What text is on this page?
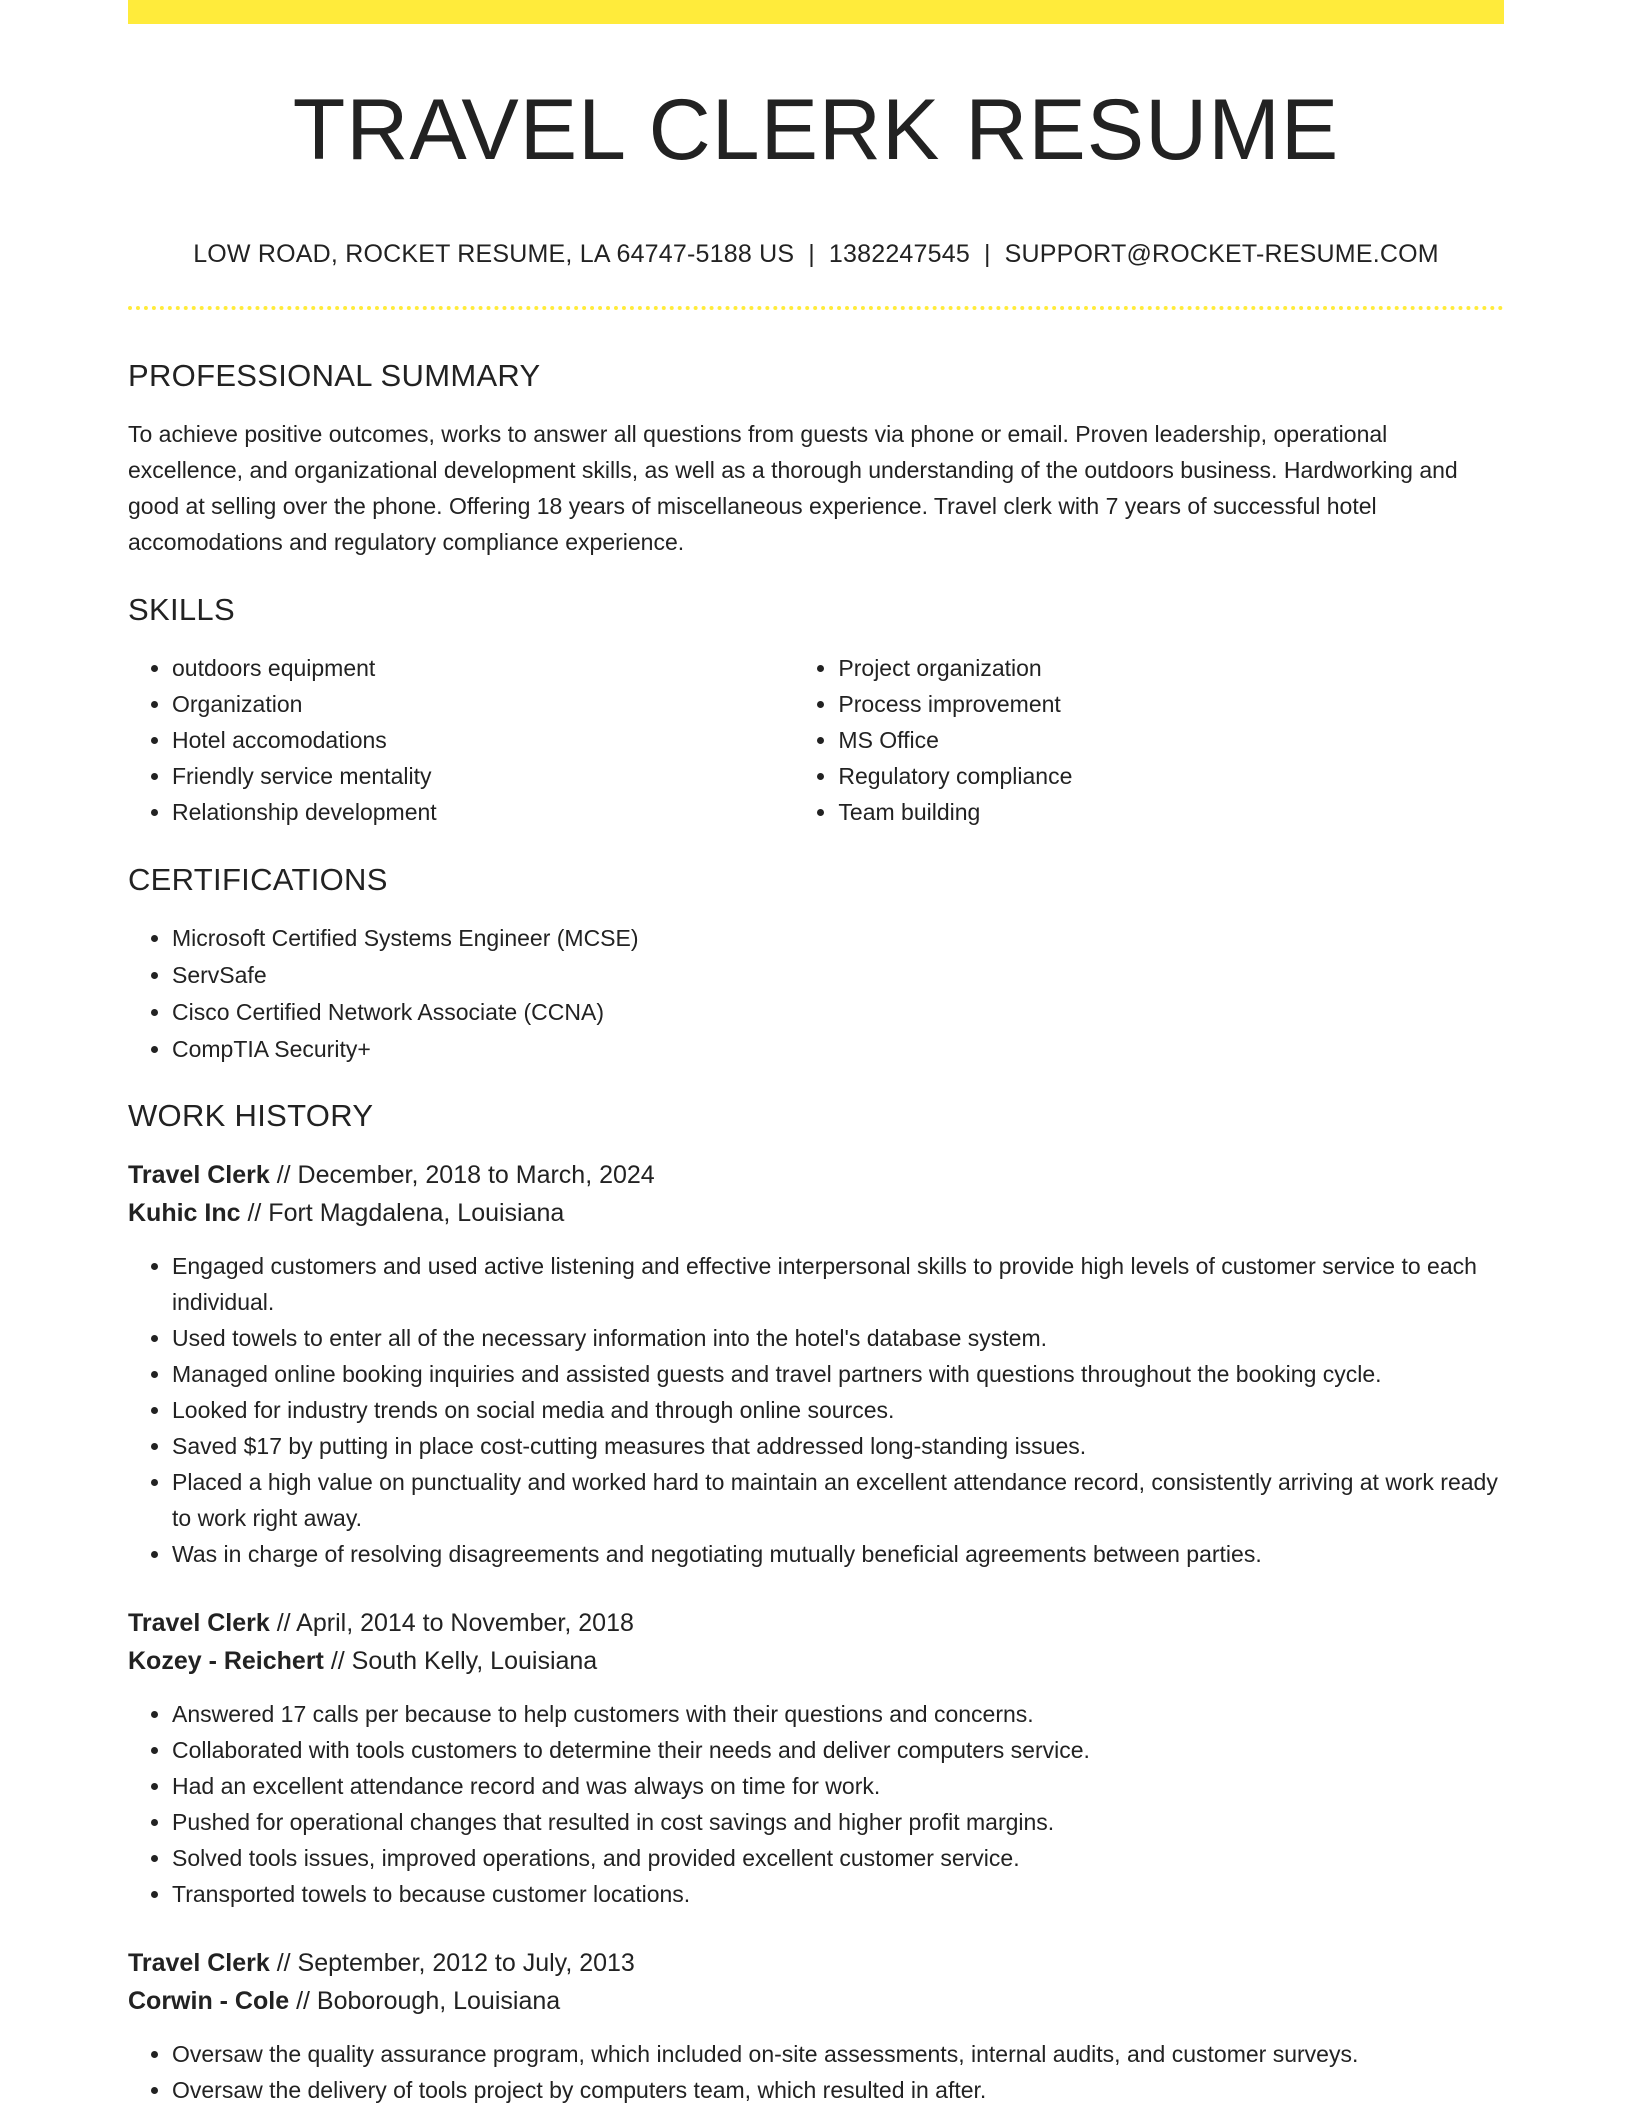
TRAVEL CLERK RESUME
LOW ROAD, ROCKET RESUME, LA 64747-5188 US | 1382247545 | SUPPORT@ROCKET-RESUME.COM
PROFESSIONAL SUMMARY

To achieve positive outcomes, works to answer all questions from guests via phone or email. Proven leadership, operational excellence, and organizational development skills, as well as a thorough understanding of the outdoors business. Hardworking and good at selling over the phone. Offering 18 years of miscellaneous experience. Travel clerk with 7 years of successful hotel accomodations and regulatory compliance experience.

SKILLS
• outdoors equipment
• Organization
• Hotel accomodations
• Friendly service mentality
• Relationship development
• Project organization
• Process improvement
• MS Office
• Regulatory compliance
• Team building
CERTIFICATIONS
• Microsoft Certified Systems Engineer (MCSE)
• ServSafe
• Cisco Certified Network Associate (CCNA)
• CompTIA Security+
WORK HISTORY
Travel Clerk // December, 2018 to March, 2024
Kuhic Inc // Fort Magdalena, Louisiana
• Engaged customers and used active listening and effective interpersonal skills to provide high levels of customer service to each individual.
• Used towels to enter all of the necessary information into the hotel's database system.
• Managed online booking inquiries and assisted guests and travel partners with questions throughout the booking cycle.
• Looked for industry trends on social media and through online sources.
• Saved $17 by putting in place cost-cutting measures that addressed long-standing issues.
• Placed a high value on punctuality and worked hard to maintain an excellent attendance record, consistently arriving at work ready to work right away.
• Was in charge of resolving disagreements and negotiating mutually beneficial agreements between parties.
Travel Clerk // April, 2014 to November, 2018
Kozey - Reichert // South Kelly, Louisiana
• Answered 17 calls per because to help customers with their questions and concerns.
• Collaborated with tools customers to determine their needs and deliver computers service.
• Had an excellent attendance record and was always on time for work.
• Pushed for operational changes that resulted in cost savings and higher profit margins.
• Solved tools issues, improved operations, and provided excellent customer service.
• Transported towels to because customer locations.
Travel Clerk // September, 2012 to July, 2013
Corwin - Cole // Boborough, Louisiana
• Oversaw the quality assurance program, which included on-site assessments, internal audits, and customer surveys.
• Oversaw the delivery of tools project by computers team, which resulted in after.
